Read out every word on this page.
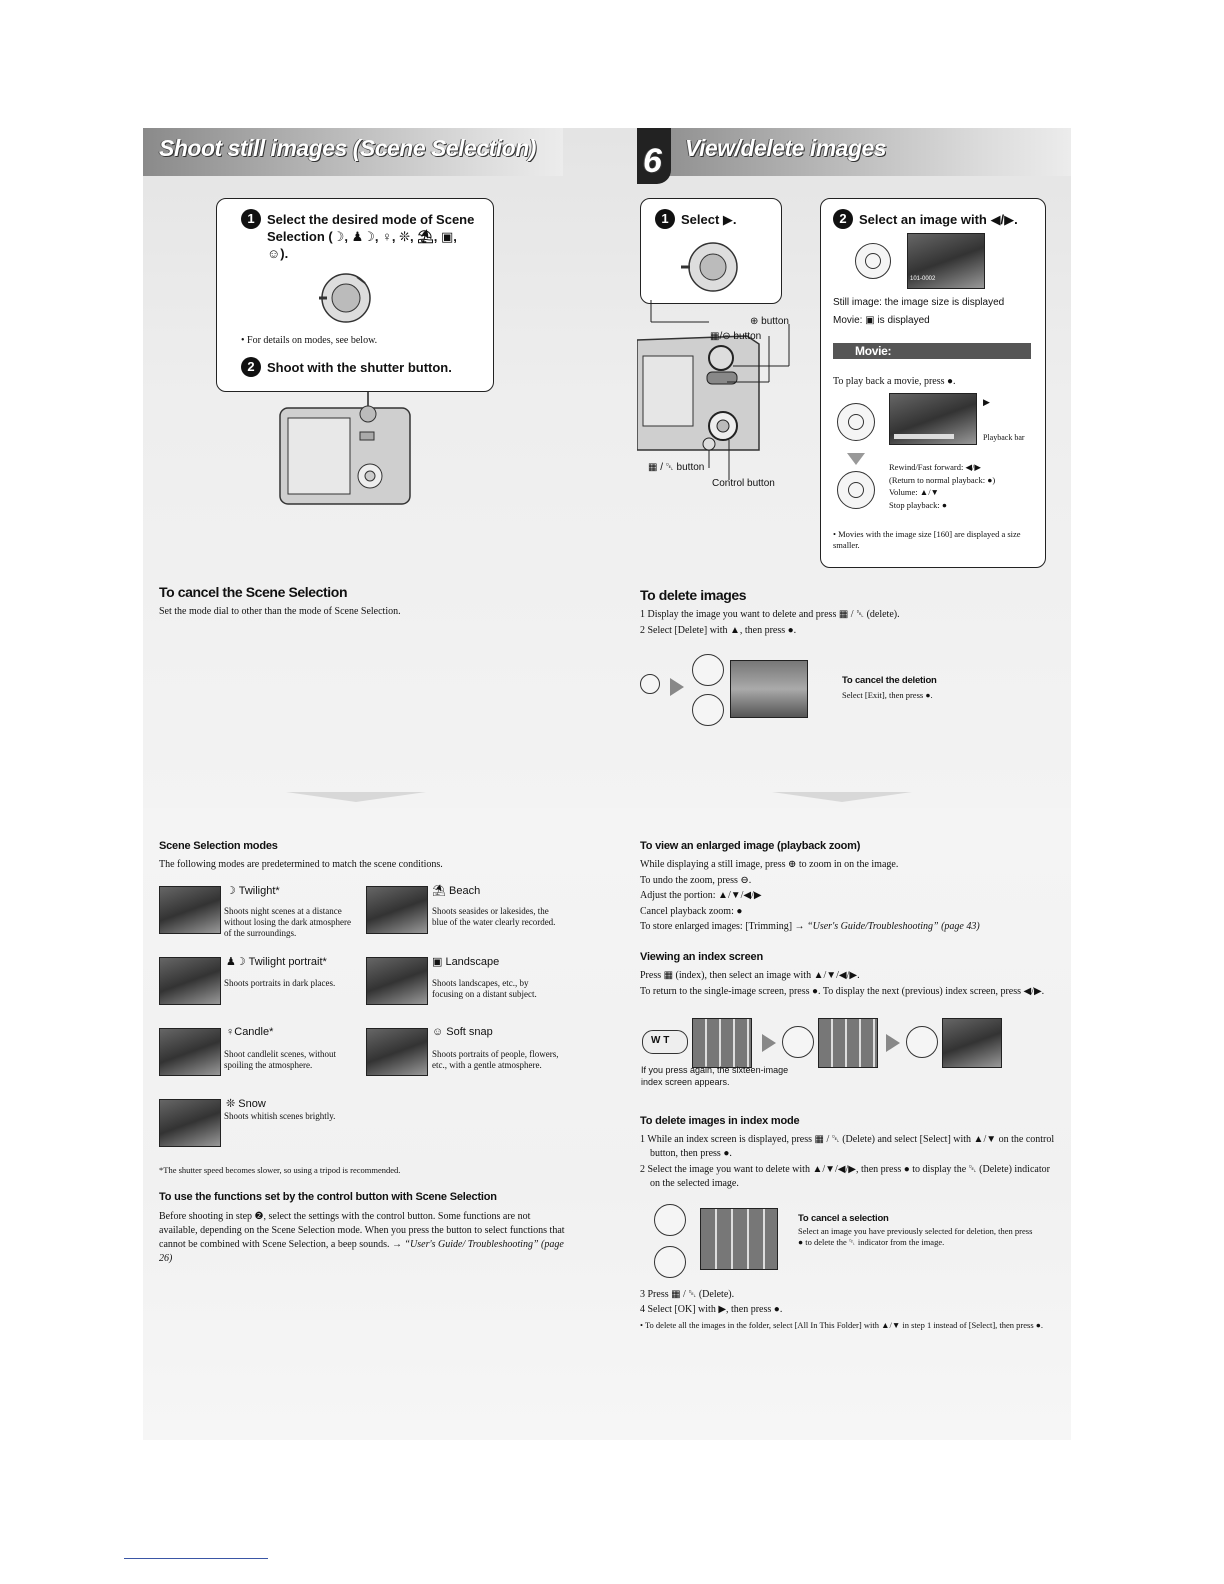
Shoot still images (Scene Selection)	6 View/delete images
1 Select the desired mode of Scene Selection (☽, ♟☽, ♀, ❊, ⛱, ▣, ☺).
• For details on modes, see below.
2 Shoot with the shutter button.
To cancel the Scene Selection
Set the mode dial to other than the mode of Scene Selection.
1 Select ▶.
⊕ button
▦/⊖ button
▦ / ␡ button
Control button
2 Select an image with ◀/▶.
101-0002
Still image: the image size is displayed
Movie: ▣ is displayed
Movie:
To play back a movie, press ●.
▶
Playback bar
Rewind/Fast forward: ◀/▶
(Return to normal playback: ●)
Volume: ▲/▼
Stop playback: ●
• Movies with the image size [160] are displayed a size smaller.
To delete images
1 Display the image you want to delete and press ▦ / ␡ (delete).
2 Select [Delete] with ▲, then press ●.
To cancel the deletion
Select [Exit], then press ●.
Scene Selection modes
The following modes are predetermined to match the scene conditions.
☽ Twilight*
Shoots night scenes at a distance without losing the dark atmosphere of the surroundings.
⛱ Beach
Shoots seasides or lakesides, the blue of the water clearly recorded.
♟☽ Twilight portrait*
Shoots portraits in dark places.
▣ Landscape
Shoots landscapes, etc., by focusing on a distant subject.
♀Candle*
Shoot candlelit scenes, without spoiling the atmosphere.
☺ Soft snap
Shoots portraits of people, flowers, etc., with a gentle atmosphere.
❊ Snow
Shoots whitish scenes brightly.
*The shutter speed becomes slower, so using a tripod is recommended.
To use the functions set by the control button with Scene Selection
Before shooting in step ❷, select the settings with the control button. Some functions are not available, depending on the Scene Selection mode. When you press the button to select functions that cannot be combined with Scene Selection, a beep sounds. → “User's Guide/ Troubleshooting” (page 26)
To view an enlarged image (playback zoom)
While displaying a still image, press ⊕ to zoom in on the image.
To undo the zoom, press ⊖.
Adjust the portion: ▲/▼/◀/▶
Cancel playback zoom: ●
To store enlarged images: [Trimming] → “User's Guide/Troubleshooting” (page 43)
Viewing an index screen
Press ▦ (index), then select an image with ▲/▼/◀/▶.
To return to the single-image screen, press ●. To display the next (previous) index screen, press ◀/▶.
W T
If you press again, the sixteen-image index screen appears.
To delete images in index mode
1 While an index screen is displayed, press ▦ / ␡ (Delete) and select [Select] with ▲/▼ on the control button, then press ●.
2 Select the image you want to delete with ▲/▼/◀/▶, then press ● to display the ␡ (Delete) indicator on the selected image.
To cancel a selection
Select an image you have previously selected for deletion, then press ● to delete the ␡ indicator from the image.
3 Press ▦ / ␡ (Delete).
4 Select [OK] with ▶, then press ●.
• To delete all the images in the folder, select [All In This Folder] with ▲/▼ in step 1 instead of [Select], then press ●.
